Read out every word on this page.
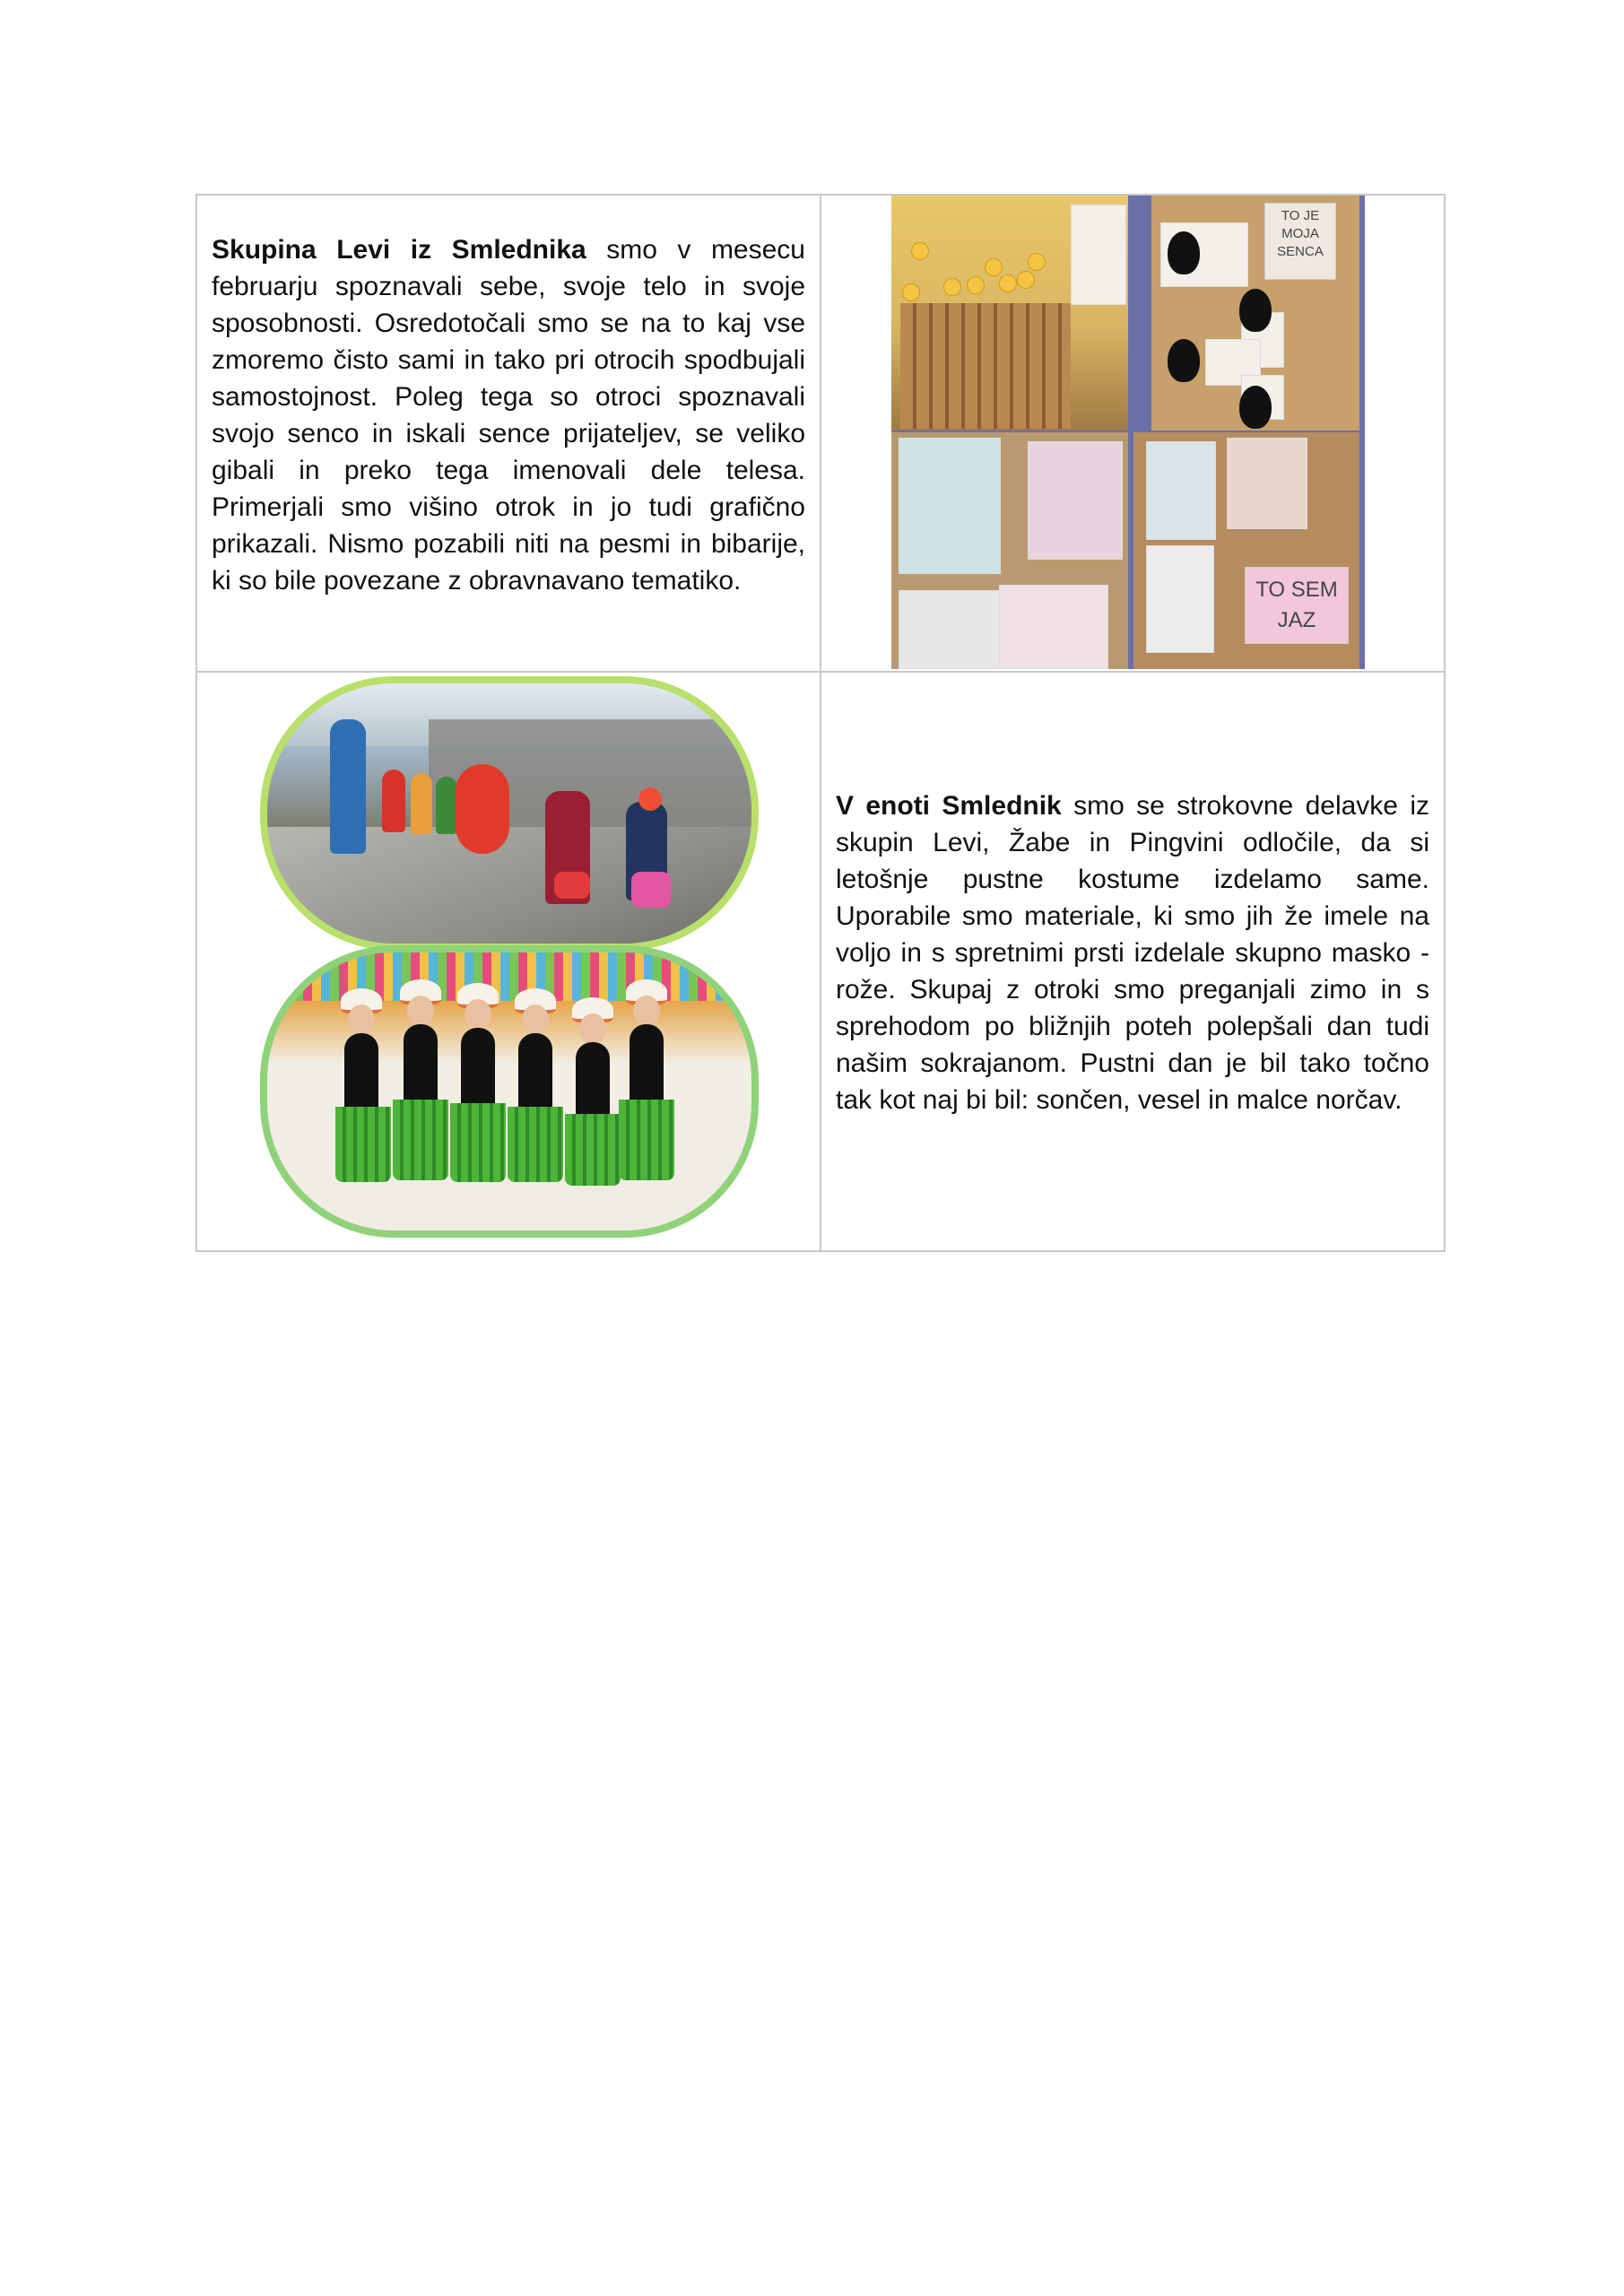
Skupina Levi iz Smlednika smo v mesecu februarju spoznavali sebe, svoje telo in svoje sposobnosti. Osredotočali smo se na to kaj vse zmoremo čisto sami in tako pri otrocih spodbujali samostojnost. Poleg tega so otroci spoznavali svojo senco in iskali sence prijateljev, se veliko gibali in preko tega imenovali dele telesa. Primerjali smo višino otrok in jo tudi grafično prikazali. Nismo pozabili niti na pesmi in bibarije, ki so bile povezane z obravnavano tematiko.	TO JE MOJA SENCA
TO SEM JAZ

	V enoti Smlednik smo se strokovne delavke iz skupin Levi, Žabe in Pingvini odločile, da si letošnje pustne kostume izdelamo same. Uporabile smo materiale, ki smo jih že imele na voljo in s spretnimi prsti izdelale skupno masko - rože. Skupaj z otroki smo preganjali zimo in s sprehodom po bližnjih poteh polepšali dan tudi našim sokrajanom. Pustni dan je bil tako točno tak kot naj bi bil: sončen, vesel in malce norčav.
